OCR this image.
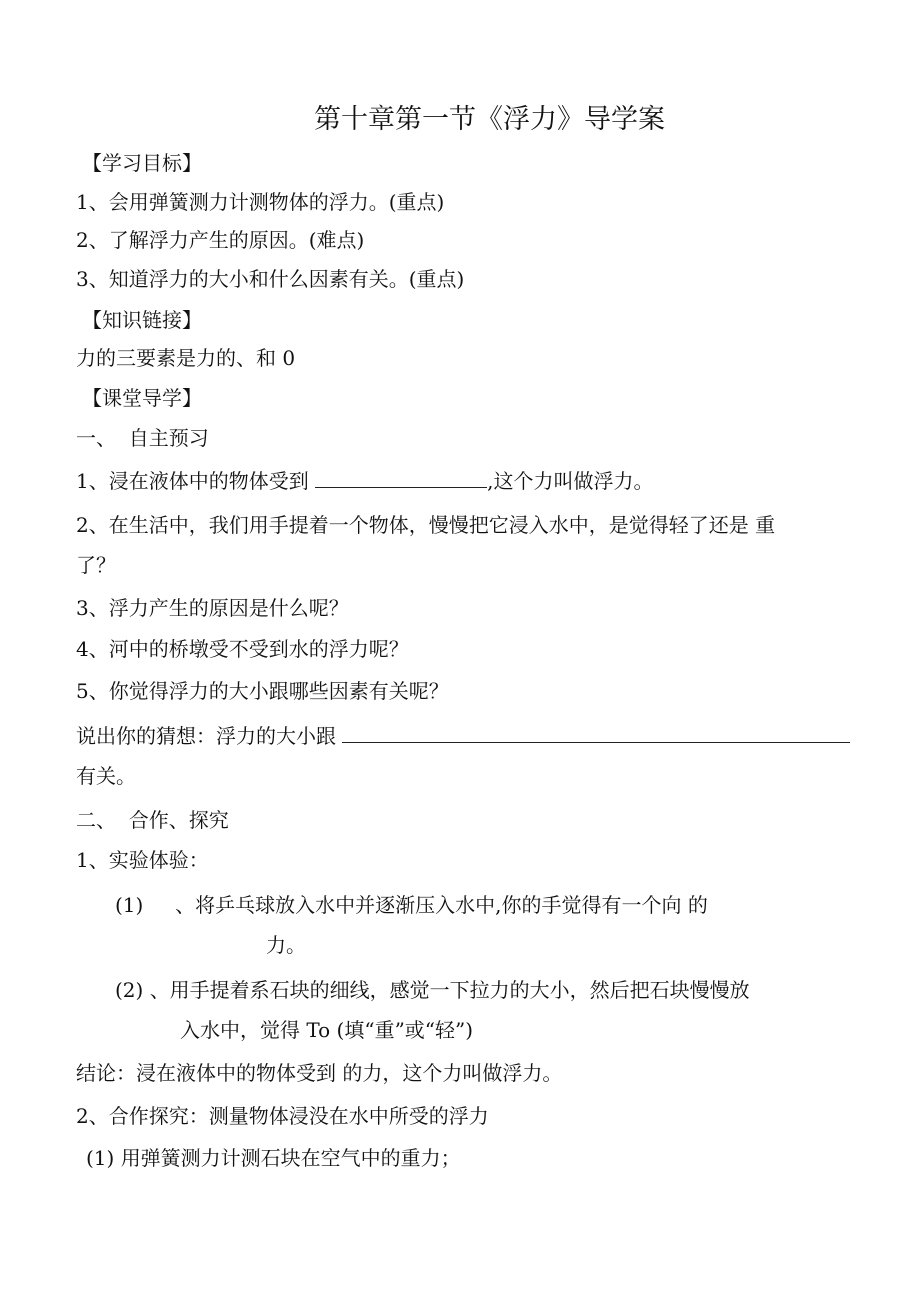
第十章第一节《浮力》导学案
【学习目标】
1、会用弹簧测力计测物体的浮力。(重点)
2、了解浮力产生的原因。(难点)
3、知道浮力的大小和什么因素有关。(重点)
【知识链接】
力的三要素是力的、和 0
【课堂导学】
一、  自主预习
1、浸在液体中的物体受到	,这个力叫做浮力。
2、在生活中，我们用手提着一个物体，慢慢把它浸入水中，是觉得轻了还是 重
了？
3、浮力产生的原因是什么呢？
4、河中的桥墩受不受到水的浮力呢？
5、你觉得浮力的大小跟哪些因素有关呢？
说出你的猜想：浮力的大小跟
有关。
二、  合作、探究
1、实验体验：
(1)     、将乒乓球放入水中并逐渐压入水中,你的手觉得有一个向 的
力。
(2) 、用手提着系石块的细线，感觉一下拉力的大小，然后把石块慢慢放
入水中，觉得 To (填“重”或“轻”)
结论：浸在液体中的物体受到 的力，这个力叫做浮力。
2、合作探究：测量物体浸没在水中所受的浮力
(1) 用弹簧测力计测石块在空气中的重力；
